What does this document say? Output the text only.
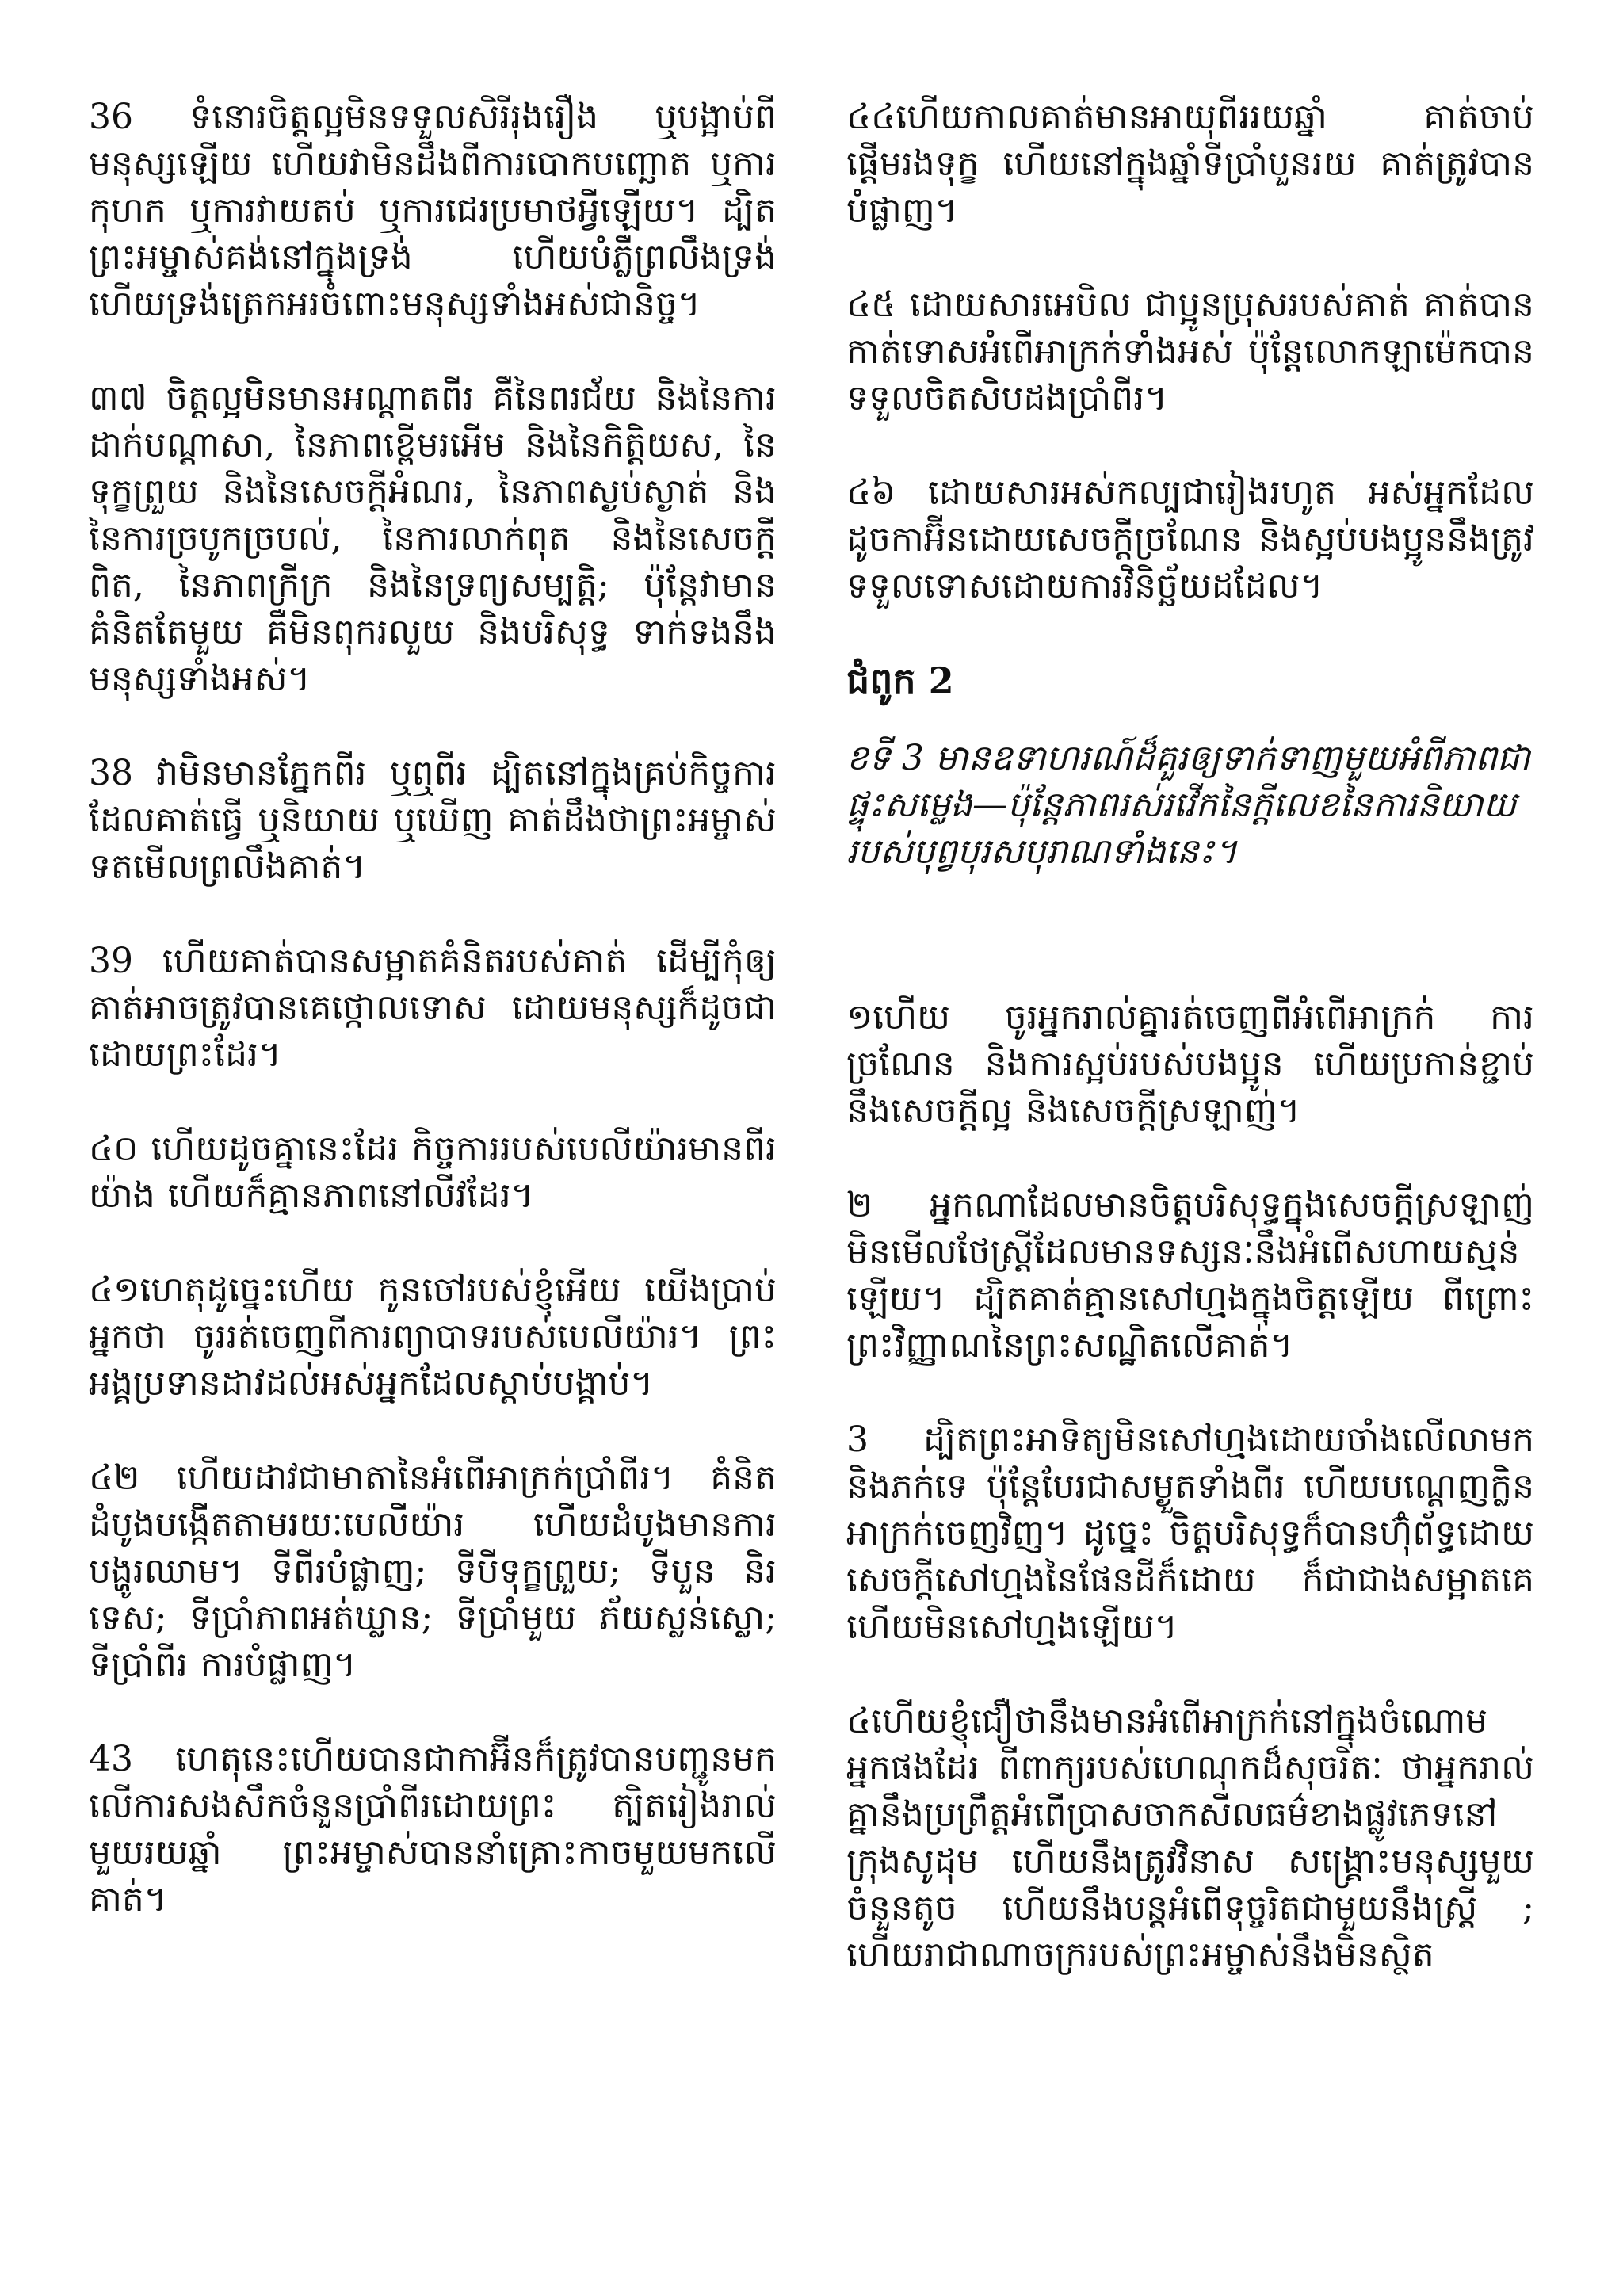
36 ទំនោរចិត្តល្អមិនទទួលសិរីរុងរឿង ឬបង្អាប់ពីមនុស្សឡើយ ហើយវាមិនដឹងពីការបោកបញ្ឆោត ឬការកុហក ឬការវាយតប់ ឬការជេរប្រមាថអ្វីឡើយ។ ដ្បិតព្រះអម្ចាស់គង់នៅក្នុងទ្រង់ ហើយបំភ្លឺព្រលឹងទ្រង់ ហើយទ្រង់ត្រេកអរចំពោះមនុស្សទាំងអស់ជានិច្ច។

៣៧ ចិត្តល្អមិនមានអណ្តាតពីរ គឺនៃពរជ័យ និងនៃការដាក់បណ្តាសា, នៃភាពខ្ពើមរអើម និងនៃកិត្តិយស, នៃទុក្ខព្រួយ និងនៃសេចក្តីអំណរ, នៃភាពស្ងប់ស្ងាត់ និងនៃការច្របូកច្របល់, នៃការលាក់ពុត និងនៃសេចក្តីពិត, នៃភាពក្រីក្រ និងនៃទ្រព្យសម្បត្តិ; ប៉ុន្តែវាមានគំនិតតែមួយ គឺមិនពុករលួយ និងបរិសុទ្ធ ទាក់ទងនឹងមនុស្សទាំងអស់។

38 វាមិនមានភ្នែកពីរ ឬឮពីរ ដ្បិតនៅក្នុងគ្រប់កិច្ចការដែលគាត់ធ្វើ ឬនិយាយ ឬឃើញ គាត់ដឹងថាព្រះអម្ចាស់ទតមើលព្រលឹងគាត់។

39 ហើយគាត់បានសម្អាតគំនិតរបស់គាត់ ដើម្បីកុំឲ្យគាត់អាចត្រូវបានគេថ្កោលទោស ដោយមនុស្សក៏ដូចជាដោយព្រះដែរ។

៤០ ហើយដូចគ្នានេះដែរ កិច្ចការរបស់បេលីយ៉ារមានពីរយ៉ាង ហើយក៏គ្មានភាពនៅលីវដែរ។

៤១ហេតុដូច្នេះហើយ កូនចៅរបស់ខ្ញុំអើយ យើងប្រាប់អ្នកថា ចូររត់ចេញពីការព្យាបាទរបស់បេលីយ៉ារ។ ព្រះអង្គប្រទានដាវដល់អស់អ្នកដែលស្តាប់បង្គាប់។

៤២ ហើយដាវជាមាតានៃអំពើអាក្រក់ប្រាំពីរ។ គំនិតដំបូងបង្កើតតាមរយៈបេលីយ៉ារ ហើយដំបូងមានការបង្ហូរឈាម។ ទីពីរបំផ្លាញ; ទីបីទុក្ខព្រួយ; ទីបួន និរទេស; ទីប្រាំភាពអត់ឃ្លាន; ទីប្រាំមួយ ភ័យស្លន់ស្លោ; ទីប្រាំពីរ ការបំផ្លាញ។

43 ហេតុនេះហើយបានជាកាអ៊ីនក៏ត្រូវបានបញ្ជូនមកលើការសងសឹកចំនួនប្រាំពីរដោយព្រះ ត្បិតរៀងរាល់មួយរយឆ្នាំ ព្រះអម្ចាស់បាននាំគ្រោះកាចមួយមកលើគាត់។

៤៤ហើយកាលគាត់មានអាយុពីររយឆ្នាំ គាត់ចាប់ផ្តើមរងទុក្ខ ហើយនៅក្នុងឆ្នាំទីប្រាំបួនរយ គាត់ត្រូវបានបំផ្លាញ។

៤៥ ដោយសារអេបិល ជាប្អូនប្រុសរបស់គាត់ គាត់បានកាត់ទោសអំពើអាក្រក់ទាំងអស់ ប៉ុន្តែលោកឡាម៉េកបានទទួលចិតសិបដងប្រាំពីរ។

៤៦ ដោយសារអស់កល្បជារៀងរហូត អស់អ្នកដែលដូចកាអ៊ីនដោយសេចក្តីច្រណែន និងស្អប់បងប្អូននឹងត្រូវទទួលទោសដោយការវិនិច្ឆ័យដដែល។

ជំពូក 2

ខទី 3 មានឧទាហរណ៍ដ៏គួរឲ្យទាក់ទាញមួយអំពីភាពជាផ្ទុះសម្លេង—ប៉ុន្តែភាពរស់រវើកនៃក្តីលេខនៃការនិយាយរបស់បុព្វបុរសបុរាណទាំងនេះ។

១ហើយ ចូរអ្នករាល់គ្នារត់ចេញពីអំពើអាក្រក់ ការច្រណែន និងការស្អប់របស់បងប្អូន ហើយប្រកាន់ខ្ជាប់នឹងសេចក្តីល្អ និងសេចក្តីស្រឡាញ់។

២ អ្នកណាដែលមានចិត្តបរិសុទ្ធក្នុងសេចក្តីស្រឡាញ់ មិនមើលថែស្ត្រីដែលមានទស្សនៈនឹងអំពើសហាយស្មន់ឡើយ។ ដ្បិតគាត់គ្មានសៅហ្មងក្នុងចិត្តឡើយ ពីព្រោះព្រះវិញ្ញាណនៃព្រះសណ្ឋិតលើគាត់។

3 ដ្បិតព្រះអាទិត្យមិនសៅហ្មងដោយចាំងលើលាមកនិងភក់ទេ ប៉ុន្តែបែរជាសម្ងួតទាំងពីរ ហើយបណ្តេញក្លិនអាក្រក់ចេញវិញ។ ដូច្នេះ ចិត្តបរិសុទ្ធក៏បានហ៊ុំព័ទ្ធដោយសេចក្តីសៅហ្មងនៃផែនដីក៏ដោយ ក៏ជាជាងសម្អាតគេ ហើយមិនសៅហ្មងឡើយ។

៤ហើយខ្ញុំជឿថានឹងមានអំពើអាក្រក់នៅក្នុងចំណោមអ្នកផងដែរ ពីពាក្យរបស់ហេណុកដ៏សុចរិតៈ ថាអ្នករាល់គ្នានឹងប្រព្រឹត្តអំពើប្រាសចាកសីលធម៌ខាងផ្លូវភេទនៅក្រុងសូដុម ហើយនឹងត្រូវវិនាស សង្គ្រោះមនុស្សមួយចំនួនតូច ហើយនឹងបន្តអំពើទុច្ចរិតជាមួយនឹងស្ត្រី ; ហើយរាជាណាចក្ររបស់ព្រះអម្ចាស់នឹងមិនស្ថិត
